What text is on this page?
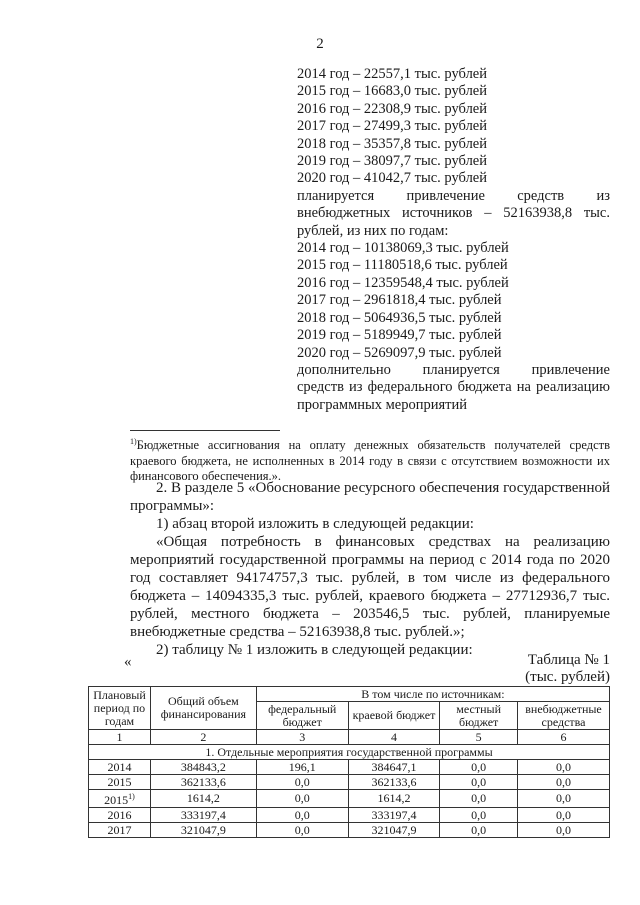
2
2014 год – 22557,1 тыс. рублей
2015 год – 16683,0 тыс. рублей
2016 год – 22308,9 тыс. рублей
2017 год – 27499,3 тыс. рублей
2018 год – 35357,8 тыс. рублей
2019 год – 38097,7 тыс. рублей
2020 год – 41042,7 тыс. рублей
планируется привлечение средств из внебюджетных источников – 52163938,8 тыс. рублей, из них по годам:
2014 год – 10138069,3 тыс. рублей
2015 год – 11180518,6 тыс. рублей
2016 год – 12359548,4 тыс. рублей
2017 год – 2961818,4 тыс. рублей
2018 год – 5064936,5 тыс. рублей
2019 год – 5189949,7 тыс. рублей
2020 год – 5269097,9 тыс. рублей
дополнительно планируется привлечение
средств из федерального бюджета на реализацию программных мероприятий
$^{1)}$Бюджетные ассигнования на оплату денежных обязательств получателей средств краевого бюджета, не исполненных в 2014 году в связи с отсутствием возможности их финансового обеспечения.».

2. В разделе 5 «Обоснование ресурсного обеспечения государственной программы»:

1) абзац второй изложить в следующей редакции:

«Общая потребность в финансовых средствах на реализацию мероприятий государственной программы на период с 2014 года по 2020 год составляет 94174757,3 тыс. рублей, в том числе из федерального бюджета – 14094335,3 тыс. рублей, краевого бюджета – 27712936,7 тыс. рублей, местного бюджета – 203546,5 тыс. рублей, планируемые внебюджетные средства – 52163938,8 тыс. рублей.»;

2) таблицу № 1 изложить в следующей редакции:

«	Таблица № 1
(тыс. рублей)
Плановый период по годам	Общий объем финансирования	В том числе по источникам:			
		федеральный бюджет	краевой бюджет	местный бюджет	внебюджетные средства
1	2	3	4	5	6
1. Отдельные мероприятия государственной программы					
2014	384843,2	196,1	384647,1	0,0	0,0
2015	362133,6	0,0	362133,6	0,0	0,0
2015$^{1)}$	1614,2	0,0	1614,2	0,0	0,0
2016	333197,4	0,0	333197,4	0,0	0,0
2017	321047,9	0,0	321047,9	0,0	0,0
